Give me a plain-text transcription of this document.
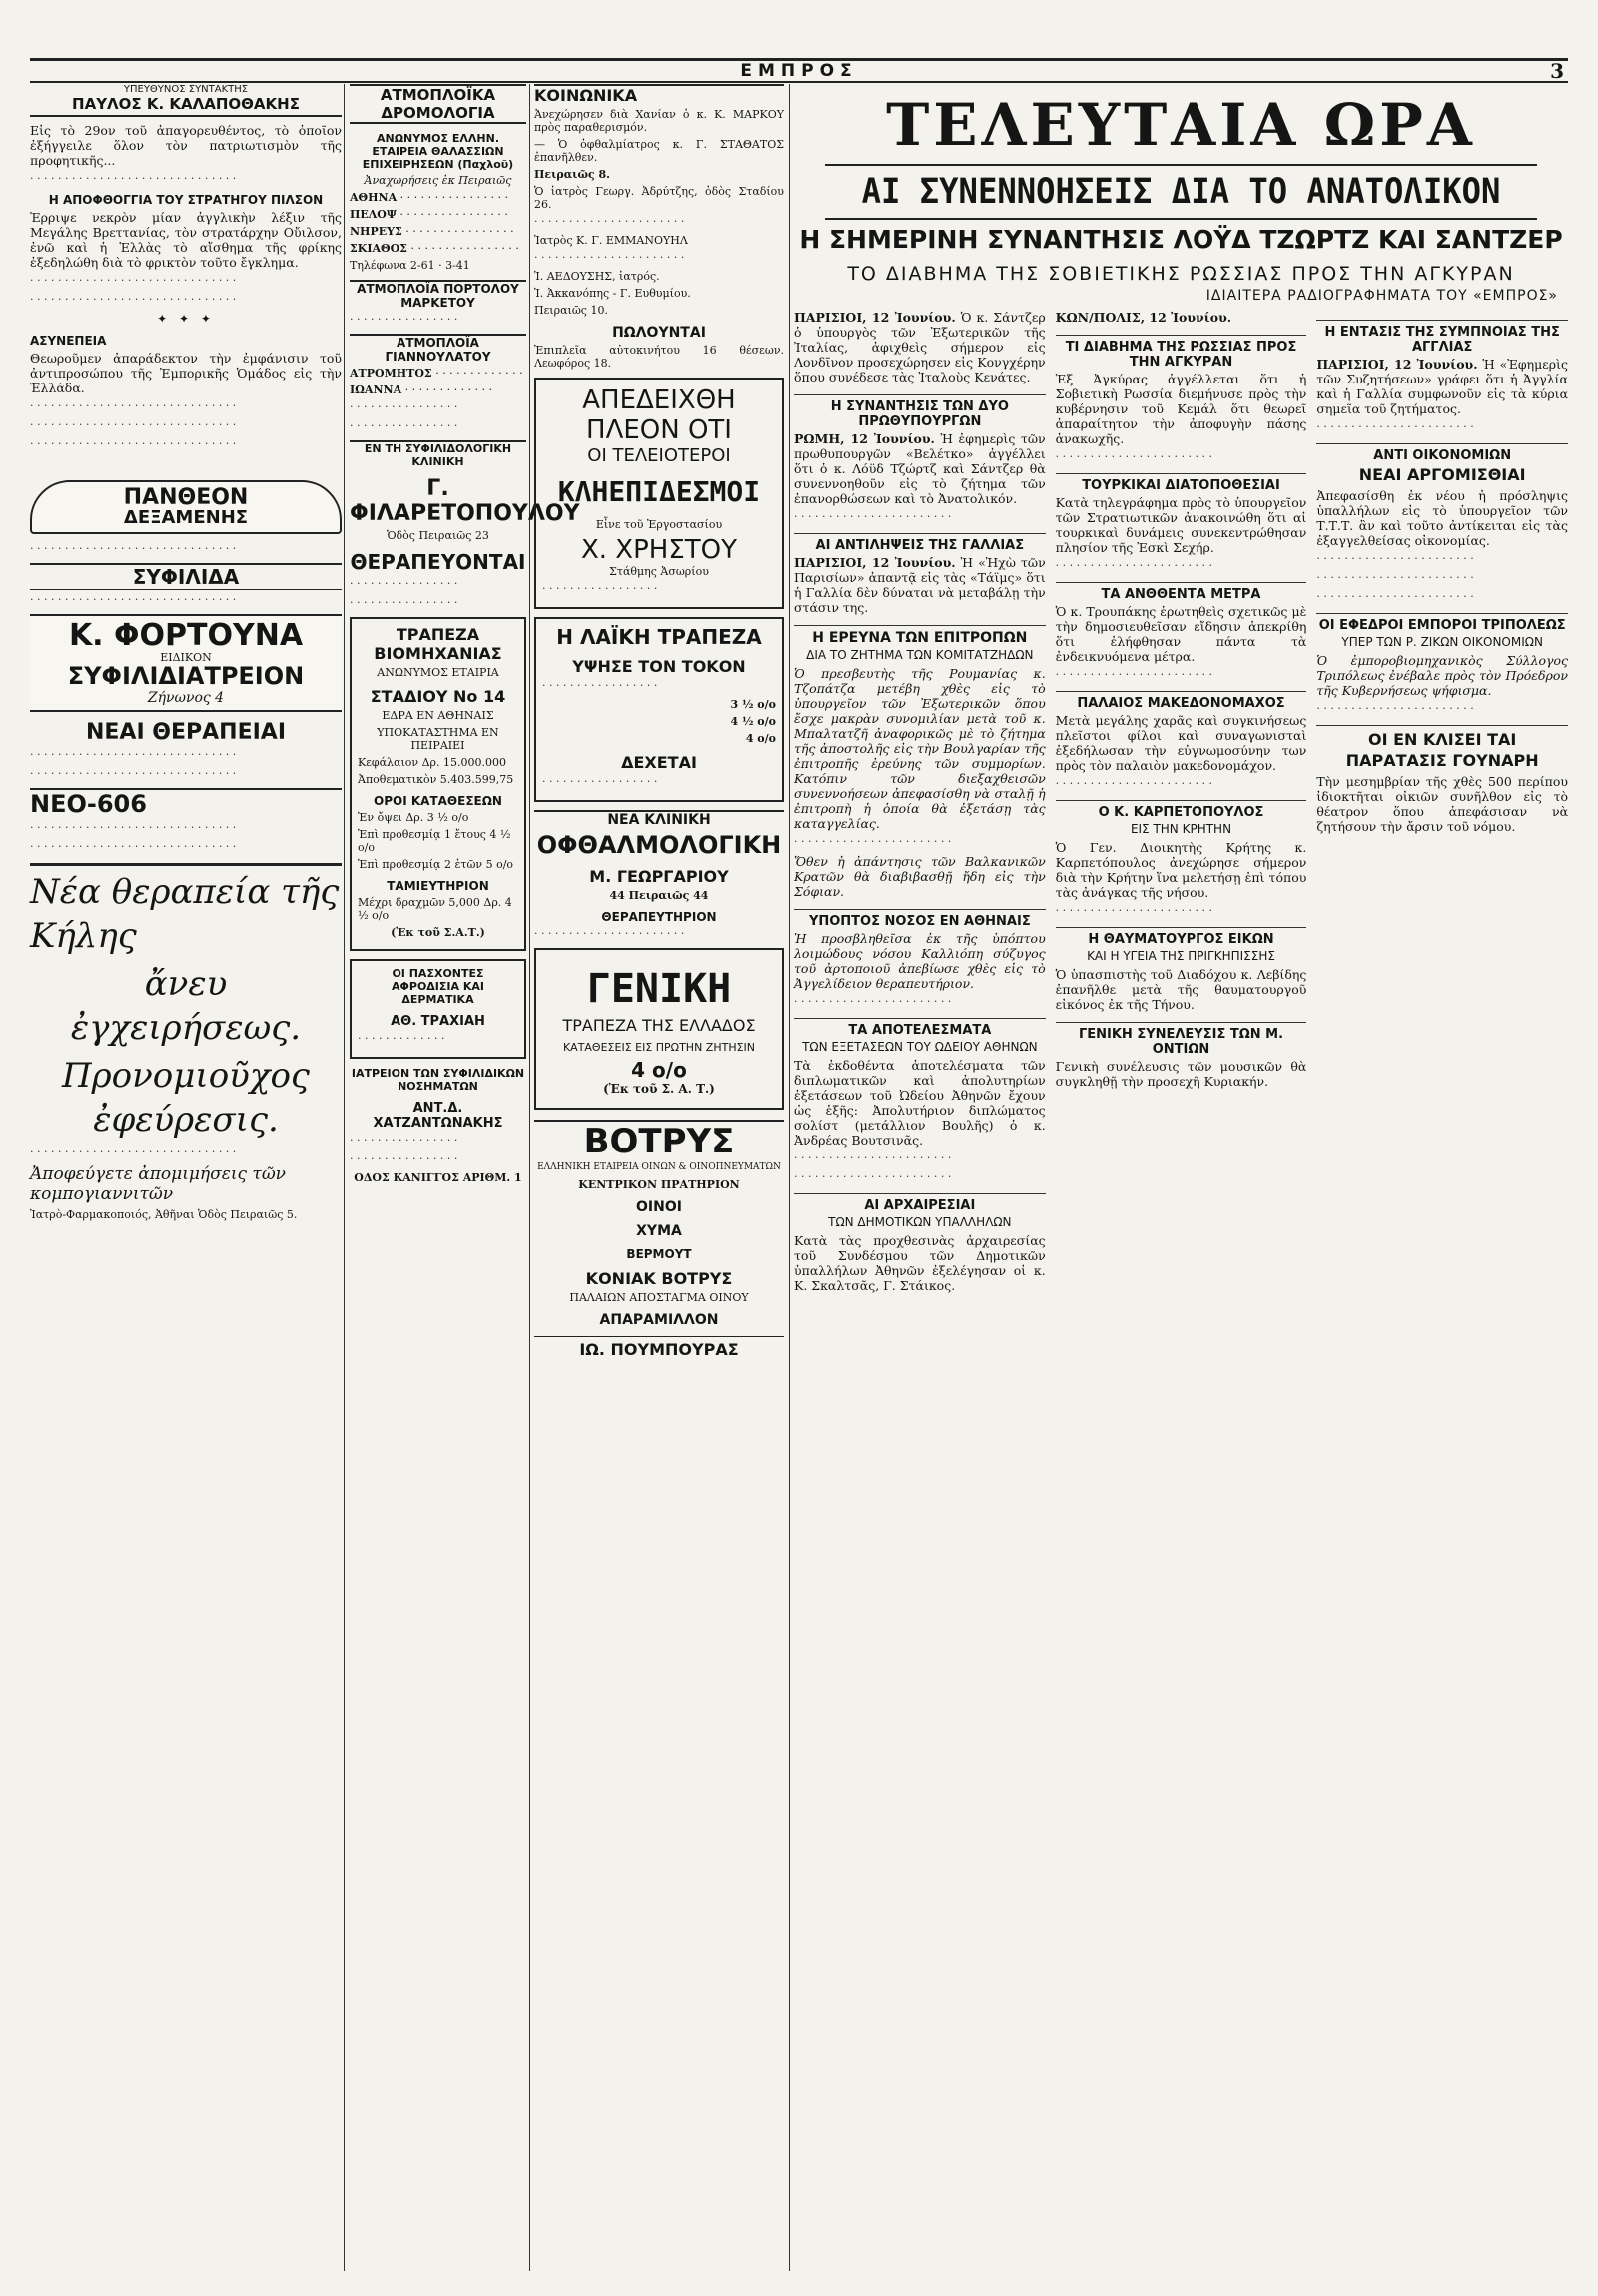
ΕΜΠΡΟΣ	3
ΥΠΕΥΘΥΝΟΣ ΣΥΝΤΑΚΤΗΣ
ΠΑΥΛΟΣ Κ. ΚΑΛΑΠΟΘΑΚΗΣ

Εἰς τὸ 29ον τοῦ ἀπαγορευθέντος, τὸ ὁποῖον ἐξήγγειλε ὅλον τὸν πατριωτισμὸν τῆς προφητικῆς...

· · · · · · · · · · · · · · · · · · · · · · · · · · · · · ·

Η ΑΠΟΦΘΟΓΓΙΑ ΤΟΥ ΣΤΡΑΤΗΓΟΥ ΠΙΛΣΟΝ

Ἐρριψε νεκρὸν μίαν ἀγγλικὴν λέξιν τῆς Μεγάλης Βρεττανίας, τὸν στρατάρχην Οὔιλσον, ἐνῶ καὶ ἡ Ἑλλὰς τὸ αἴσθημα τῆς φρίκης ἐξεδηλώθη διὰ τὸ φρικτὸν τοῦτο ἔγκλημα.

· · · · · · · · · · · · · · · · · · · · · · · · · · · · · ·

· · · · · · · · · · · · · · · · · · · · · · · · · · · · · ·

✦ ✦ ✦
ΑΣΥΝΕΠΕΙΑ

Θεωροῦμεν ἀπαράδεκτον τὴν ἐμφάνισιν τοῦ ἀντιπροσώπου τῆς Ἐμπορικῆς Ὁμάδος εἰς τὴν Ἑλλάδα.

· · · · · · · · · · · · · · · · · · · · · · · · · · · · · ·

· · · · · · · · · · · · · · · · · · · · · · · · · · · · · ·

· · · · · · · · · · · · · · · · · · · · · · · · · · · · · ·

ΠΑΝΘΕΟΝ
ΔΕΞΑΜΕΝΗΣ

· · · · · · · · · · · · · · · · · · · · · · · · · · · · · ·

ΣΥΦΙΛΙΔΑ

· · · · · · · · · · · · · · · · · · · · · · · · · · · · · ·

Κ. ΦΟΡΤΟΥΝΑ
ΕΙΔΙΚΟΝ
ΣΥΦΙΛΙΔΙΑΤΡΕΙΟΝ
Ζήνωνος 4
ΝΕΑΙ ΘΕΡΑΠΕΙΑΙ

· · · · · · · · · · · · · · · · · · · · · · · · · · · · · ·

· · · · · · · · · · · · · · · · · · · · · · · · · · · · · ·

ΝΕΟ-606

· · · · · · · · · · · · · · · · · · · · · · · · · · · · · ·

· · · · · · · · · · · · · · · · · · · · · · · · · · · · · ·

Νέα θεραπεία τῆς Κήλης
ἄνευ ἐγχειρήσεως.
Προνομιοῦχος ἐφεύρεσις.

· · · · · · · · · · · · · · · · · · · · · · · · · · · · · ·

Ἀποφεύγετε ἀπομιμήσεις τῶν κομπογιαννιτῶν
Ἰατρὸ-Φαρμακοποιός, Ἀθῆναι Ὁδὸς Πειραιῶς 5.
ΑΤΜΟΠΛΟΪΚΑ ΔΡΟΜΟΛΟΓΙΑ
ΑΝΩΝΥΜΟΣ ΕΛΛΗΝ. ΕΤΑΙΡΕΙΑ ΘΑΛΑΣΣΙΩΝ ΕΠΙΧΕΙΡΗΣΕΩΝ (Παχλοῦ)
Ἀναχωρήσεις ἐκ Πειραιῶς

ΑΘΗΝΑ · · · · · · · · · · · · · · · ·

ΠΕΛΟΨ · · · · · · · · · · · · · · · ·

ΝΗΡΕΥΣ · · · · · · · · · · · · · · · ·

ΣΚΙΑΘΟΣ · · · · · · · · · · · · · · · ·

Τηλέφωνα 2-61 · 3-41

ΑΤΜΟΠΛΟΪΑ ΠΟΡΤΟΛΟΥ ΜΑΡΚΕΤΟΥ

· · · · · · · · · · · · · · · ·

ΑΤΜΟΠΛΟΪΑ ΓΙΑΝΝΟΥΛΑΤΟΥ

ΑΤΡΟΜΗΤΟΣ · · · · · · · · · · · · ·

ΙΩΑΝΝΑ · · · · · · · · · · · · ·

· · · · · · · · · · · · · · · ·

· · · · · · · · · · · · · · · ·

ΕΝ ΤΗ ΣΥΦΙΛΙΔΟΛΟΓΙΚΗ ΚΛΙΝΙΚΗ
Γ. ΦΙΛΑΡΕΤΟΠΟΥΛΟΥ
Ὁδὸς Πειραιῶς 23
ΘΕΡΑΠΕΥΟΝΤΑΙ

· · · · · · · · · · · · · · · ·

· · · · · · · · · · · · · · · ·

ΤΡΑΠΕΖΑ ΒΙΟΜΗΧΑΝΙΑΣ
ΑΝΩΝΥΜΟΣ ΕΤΑΙΡΙΑ
ΣΤΑΔΙΟΥ Νο 14
ΕΔΡΑ ΕΝ ΑΘΗΝΑΙΣ
ΥΠΟΚΑΤΑΣΤΗΜΑ ΕΝ ΠΕΙΡΑΙΕΙ
Κεφάλαιον Δρ. 15.000.000
Ἀποθεματικὸν 5.403.599,75
ΟΡΟΙ ΚΑΤΑΘΕΣΕΩΝ
Ἐν ὄψει Δρ. 3 ½ ο/ο
Ἐπὶ προθεσμίᾳ 1 ἔτους 4 ½ ο/ο
Ἐπὶ προθεσμίᾳ 2 ἐτῶν 5 ο/ο
ΤΑΜΙΕΥΤΗΡΙΟΝ
Μέχρι δραχμῶν 5,000 Δρ. 4 ½ ο/ο
(Ἐκ τοῦ Σ.Α.Τ.)
ΟΙ ΠΑΣΧΟΝΤΕΣ ΑΦΡΟΔΙΣΙΑ ΚΑΙ ΔΕΡΜΑΤΙΚΑ
ΑΘ. ΤΡΑΧΙΑΗ

· · · · · · · · · · · · ·

ΙΑΤΡΕΙΟΝ ΤΩΝ ΣΥΦΙΛΙΔΙΚΩΝ ΝΟΣΗΜΑΤΩΝ
ΑΝΤ.Δ. ΧΑΤΖΑΝΤΩΝΑΚΗΣ

· · · · · · · · · · · · · · · ·

· · · · · · · · · · · · · · · ·

ΟΔΟΣ ΚΑΝΙΓΓΟΣ ΑΡΙΘΜ. 1
ΚΟΙΝΩΝΙΚΑ

Ἀνεχώρησεν διὰ Χανίαν ὁ κ. Κ. ΜΑΡΚΟΥ πρὸς παραθερισμόν.

— Ὁ ὀφθαλμίατρος κ. Γ. ΣΤΑΘΑΤΟΣ ἐπανῆλθεν.

Πειραιῶς 8.

Ὁ ἰατρὸς Γεωργ. Ἀδρύτζης, ὁδὸς Σταδίου 26.

· · · · · · · · · · · · · · · · · · · · · ·

Ἰατρὸς Κ. Γ. ΕΜΜΑΝΟΥΗΛ

· · · · · · · · · · · · · · · · · · · · · ·

Ἰ. ΑΕΔΟΥΣΗΣ, ἰατρός.

Ἰ. Ἀκκανόπης - Γ. Ευθυμίου.

Πειραιῶς 10.

ΠΩΛΟΥΝΤΑΙ

Ἐπιπλεῖα αὐτοκινήτου 16 θέσεων. Λεωφόρος 18.

ΑΠΕΔΕΙΧΘΗ
ΠΛΕΟΝ ΟΤΙ
ΟΙ ΤΕΛΕΙΟΤΕΡΟΙ
ΚΛΗΕΠΙΔΕΣΜΟΙ
Εἶνε τοῦ Ἐργοστασίου
Χ. ΧΡΗΣΤΟΥ
Στάθμης Ἀσωρίου

· · · · · · · · · · · · · · · · ·

Η ΛΑΪΚΗ ΤΡΑΠΕΖΑ
ΥΨΗΣΕ ΤΟΝ ΤΟΚΟΝ

· · · · · · · · · · · · · · · · ·

3 ½ ο/ο
4 ½ ο/ο
4 ο/ο
ΔΕΧΕΤΑΙ

· · · · · · · · · · · · · · · · ·

ΝΕΑ ΚΛΙΝΙΚΗ
ΟΦΘΑΛΜΟΛΟΓΙΚΗ
Μ. ΓΕΩΡΓΑΡΙΟΥ
44 Πειραιῶς 44
ΘΕΡΑΠΕΥΤΗΡΙΟΝ

· · · · · · · · · · · · · · · · · · · · · ·

ΓΕΝΙΚΗ
ΤΡΑΠΕΖΑ ΤΗΣ ΕΛΛΑΔΟΣ
ΚΑΤΑΘΕΣΕΙΣ ΕΙΣ ΠΡΩΤΗΝ ΖΗΤΗΣΙΝ
4 ο/ο
(Ἐκ τοῦ Σ. Α. Τ.)
ΒΟΤΡΥΣ
ΕΛΛΗΝΙΚΗ ΕΤΑΙΡΕΙΑ ΟΙΝΩΝ & ΟΙΝΟΠΝΕΥΜΑΤΩΝ
ΚΕΝΤΡΙΚΟΝ ΠΡΑΤΗΡΙΟΝ
ΟΙΝΟΙ
ΧΥΜΑ
ΒΕΡΜΟΥΤ
ΚΟΝΙΑΚ ΒΟΤΡΥΣ
ΠΑΛΑΙΩΝ ΑΠΟΣΤΑΓΜΑ ΟΙΝΟΥ
ΑΠΑΡΑΜΙΛΛΟΝ
ΙΩ. ΠΟΥΜΠΟΥΡΑΣ
ΤΕΛΕΥΤΑΙΑ ΩΡΑ
ΑΙ ΣΥΝΕΝΝΟΗΣΕΙΣ ΔΙΑ ΤΟ ΑΝΑΤΟΛΙΚΟΝ
Η ΣΗΜΕΡΙΝΗ ΣΥΝΑΝΤΗΣΙΣ ΛΟΫΔ ΤΖΩΡΤΖ ΚΑΙ ΣΑΝΤΖΕΡ
ΤΟ ΔΙΑΒΗΜΑ ΤΗΣ ΣΟΒΙΕΤΙΚΗΣ ΡΩΣΣΙΑΣ ΠΡΟΣ ΤΗΝ ΑΓΚΥΡΑΝ
ΙΔΙΑΙΤΕΡΑ ΡΑΔΙΟΓΡΑΦΗΜΑΤΑ ΤΟΥ «ΕΜΠΡΟΣ»

ΠΑΡΙΣΙΟΙ, 12 Ἰουνίου. Ὁ κ. Σάντζερ ὁ ὑπουργὸς τῶν Ἐξωτερικῶν τῆς Ἰταλίας, ἀφιχθεὶς σήμερον εἰς Λονδῖνον προσεχώρησεν εἰς Κονγχέρην ὅπου συνέδεσε τὰς Ἰταλοὺς Κενάτες.

Η ΣΥΝΑΝΤΗΣΙΣ ΤΩΝ ΔΥΟ ΠΡΩΘΥΠΟΥΡΓΩΝ

ΡΩΜΗ, 12 Ἰουνίου. Ἡ ἐφημερὶς τῶν πρωθυπουργῶν «Βελέτκο» ἀγγέλλει ὅτι ὁ κ. Λόϋδ Τζώρτζ καὶ Σάντζερ θὰ συνεννοηθοῦν εἰς τὸ ζήτημα τῶν ἐπανορθώσεων καὶ τὸ Ἀνατολικόν.

· · · · · · · · · · · · · · · · · · · · · · ·

ΑΙ ΑΝΤΙΛΗΨΕΙΣ ΤΗΣ ΓΑΛΛΙΑΣ

ΠΑΡΙΣΙΟΙ, 12 Ἰουνίου. Ἡ «Ἠχὼ τῶν Παρισίων» ἀπαντᾷ εἰς τὰς «Τάϊμς» ὅτι ἡ Γαλλία δὲν δύναται νὰ μεταβάλῃ τὴν στάσιν της.

Η ΕΡΕΥΝΑ ΤΩΝ ΕΠΙΤΡΟΠΩΝ
ΔΙΑ ΤΟ ΖΗΤΗΜΑ ΤΩΝ ΚΟΜΙΤΑΤΖΗΔΩΝ

Ὁ πρεσβευτὴς τῆς Ρουμανίας κ. Τζοπάτζα μετέβη χθὲς εἰς τὸ ὑπουργεῖον τῶν Ἐξωτερικῶν ὅπου ἔσχε μακρὰν συνομιλίαν μετὰ τοῦ κ. Μπαλτατζῆ ἀναφορικῶς μὲ τὸ ζήτημα τῆς ἀποστολῆς εἰς τὴν Βουλγαρίαν τῆς ἐπιτροπῆς ἐρεύνης τῶν συμμορίων. Κατόπιν τῶν διεξαχθεισῶν συνεννοήσεων ἀπεφασίσθη νὰ σταλῇ ἡ ἐπιτροπὴ ἡ ὁποία θὰ ἐξετάσῃ τὰς καταγγελίας.

· · · · · · · · · · · · · · · · · · · · · · ·

Ὅθεν ἡ ἀπάντησις τῶν Βαλκανικῶν Κρατῶν θὰ διαβιβασθῇ ἤδη εἰς τὴν Σόφιαν.

ΥΠΟΠΤΟΣ ΝΟΣΟΣ ΕΝ ΑΘΗΝΑΙΣ

Ἡ προσβληθεῖσα ἐκ τῆς ὑπόπτου λοιμώδους νόσου Καλλιόπη σύζυγος τοῦ ἀρτοποιοῦ ἀπεβίωσε χθὲς εἰς τὸ Ἀγγελίδειον θεραπευτήριον.

· · · · · · · · · · · · · · · · · · · · · · ·

ΤΑ ΑΠΟΤΕΛΕΣΜΑΤΑ
ΤΩΝ ΕΞΕΤΑΣΕΩΝ ΤΟΥ ΩΔΕΙΟΥ ΑΘΗΝΩΝ

Τὰ ἐκδοθέντα ἀποτελέσματα τῶν διπλωματικῶν καὶ ἀπολυτηρίων ἐξετάσεων τοῦ Ὠδείου Ἀθηνῶν ἔχουν ὡς ἑξῆς: Ἀπολυτήριον διπλώματος σολίστ (μετάλλιον Βουλῆς) ὁ κ. Ἀνδρέας Βουτσινᾶς.

· · · · · · · · · · · · · · · · · · · · · · ·

· · · · · · · · · · · · · · · · · · · · · · ·

ΑΙ ΑΡΧΑΙΡΕΣΙΑΙ
ΤΩΝ ΔΗΜΟΤΙΚΩΝ ΥΠΑΛΛΗΛΩΝ

Κατὰ τὰς προχθεσινὰς ἀρχαιρεσίας τοῦ Συνδέσμου τῶν Δημοτικῶν ὑπαλλήλων Ἀθηνῶν ἐξελέγησαν οἱ κ. Κ. Σκαλτσᾶς, Γ. Στάικος.

ΚΩΝ/ΠΟΛΙΣ, 12 Ἰουνίου.

ΤΙ ΔΙΑΒΗΜΑ ΤΗΣ ΡΩΣΣΙΑΣ ΠΡΟΣ ΤΗΝ ΑΓΚΥΡΑΝ

Ἐξ Ἀγκύρας ἀγγέλλεται ὅτι ἡ Σοβιετικὴ Ρωσσία διεμήνυσε πρὸς τὴν κυβέρνησιν τοῦ Κεμάλ ὅτι θεωρεῖ ἀπαραίτητον τὴν ἀποφυγὴν πάσης ἀνακωχῆς.

· · · · · · · · · · · · · · · · · · · · · · ·

ΤΟΥΡΚΙΚΑΙ ΔΙΑΤΟΠΟΘΕΣΙΑΙ

Κατὰ τηλεγράφημα πρὸς τὸ ὑπουργεῖον τῶν Στρατιωτικῶν ἀνακοινώθη ὅτι αἱ τουρκικαὶ δυνάμεις συνεκεντρώθησαν πλησίον τῆς Ἐσκὶ Σεχήρ.

· · · · · · · · · · · · · · · · · · · · · · ·

ΤΑ ΑΝΘΘΕΝΤΑ ΜΕΤΡΑ

Ὁ κ. Τρουπάκης ἐρωτηθεὶς σχετικῶς μὲ τὴν δημοσιευθεῖσαν εἴδησιν ἀπεκρίθη ὅτι ἐλήφθησαν πάντα τὰ ἐνδεικνυόμενα μέτρα.

· · · · · · · · · · · · · · · · · · · · · · ·

ΠΑΛΑΙΟΣ ΜΑΚΕΔΟΝΟΜΑΧΟΣ

Μετὰ μεγάλης χαρᾶς καὶ συγκινήσεως πλεῖστοι φίλοι καὶ συναγωνισταὶ ἐξεδήλωσαν τὴν εὐγνωμοσύνην των πρὸς τὸν παλαιὸν μακεδονομάχον.

· · · · · · · · · · · · · · · · · · · · · · ·

Ο Κ. ΚΑΡΠΕΤΟΠΟΥΛΟΣ
ΕΙΣ ΤΗΝ ΚΡΗΤΗΝ

Ὁ Γεν. Διοικητὴς Κρήτης κ. Καρπετόπουλος ἀνεχώρησε σήμερον διὰ τὴν Κρήτην ἵνα μελετήσῃ ἐπὶ τόπου τὰς ἀνάγκας τῆς νήσου.

· · · · · · · · · · · · · · · · · · · · · · ·

Η ΘΑΥΜΑΤΟΥΡΓΟΣ ΕΙΚΩΝ
ΚΑΙ Η ΥΓΕΙΑ ΤΗΣ ΠΡΙΓΚΗΠΙΣΣΗΣ

Ὁ ὑπασπιστὴς τοῦ Διαδόχου κ. Λεβίδης ἐπανῆλθε μετὰ τῆς θαυματουργοῦ εἰκόνος ἐκ τῆς Τήνου.

ΓΕΝΙΚΗ ΣΥΝΕΛΕΥΣΙΣ ΤΩΝ Μ. ΟΝΤΙΩΝ

Γενικὴ συνέλευσις τῶν μουσικῶν θὰ συγκληθῇ τὴν προσεχῆ Κυριακήν.

Η ΕΝΤΑΣΙΣ ΤΗΣ ΣΥΜΠΝΟΙΑΣ ΤΗΣ ΑΓΓΛΙΑΣ

ΠΑΡΙΣΙΟΙ, 12 Ἰουνίου. Ἡ «Ἐφημερὶς τῶν Συζητήσεων» γράφει ὅτι ἡ Ἀγγλία καὶ ἡ Γαλλία συμφωνοῦν εἰς τὰ κύρια σημεῖα τοῦ ζητήματος.

· · · · · · · · · · · · · · · · · · · · · · ·

ΑΝΤΙ ΟΙΚΟΝΟΜΙΩΝ
ΝΕΑΙ ΑΡΓΟΜΙΣΘΙΑΙ

Ἀπεφασίσθη ἐκ νέου ἡ πρόσληψις ὑπαλλήλων εἰς τὸ ὑπουργεῖον τῶν Τ.Τ.Τ. ἂν καὶ τοῦτο ἀντίκειται εἰς τὰς ἐξαγγελθείσας οἰκονομίας.

· · · · · · · · · · · · · · · · · · · · · · ·

· · · · · · · · · · · · · · · · · · · · · · ·

· · · · · · · · · · · · · · · · · · · · · · ·

ΟΙ ΕΦΕΔΡΟΙ ΕΜΠΟΡΟΙ ΤΡΙΠΟΛΕΩΣ
ΥΠΕΡ ΤΩΝ Ρ. ΖΙΚΩΝ ΟΙΚΟΝΟΜΙΩΝ

Ὁ ἐμποροβιομηχανικὸς Σύλλογος Τριπόλεως ἐνέβαλε πρὸς τὸν Πρόεδρον τῆς Κυβερνήσεως ψήφισμα.

· · · · · · · · · · · · · · · · · · · · · · ·

ΟΙ ΕΝ ΚΛΙΣΕΙ ΤΑΙ
ΠΑΡΑΤΑΣΙΣ ΓΟΥΝΑΡΗ

Τὴν μεσημβρίαν τῆς χθὲς 500 περίπου ἰδιοκτῆται οἰκιῶν συνῆλθον εἰς τὸ θέατρον ὅπου ἀπεφάσισαν νὰ ζητήσουν τὴν ἄρσιν τοῦ νόμου.
